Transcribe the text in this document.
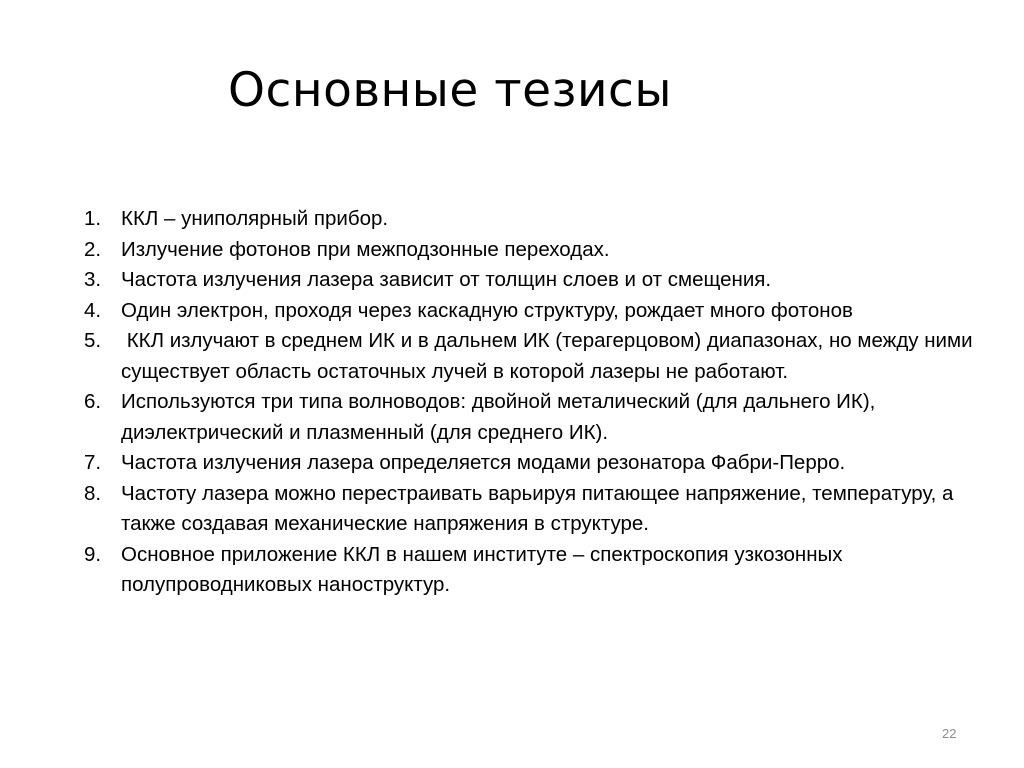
Основные тезисы
1. ККЛ – униполярный прибор.
2. Излучение фотонов при межподзонные переходах.
3. Частота излучения лазера зависит от толщин слоев и от смещения.
4. Один электрон, проходя через каскадную структуру, рождает много фотонов
5. ККЛ излучают в среднем ИК и в дальнем ИК (терагерцовом) диапазонах, но между ними существует область остаточных лучей в которой лазеры не работают.
6. Используются три типа волноводов: двойной металический (для дальнего ИК), диэлектрический и плазменный (для среднего ИК).
7. Частота излучения лазера определяется модами резонатора Фабри-Перро.
8. Частоту лазера можно перестраивать варьируя питающее напряжение, температуру, а также создавая механические напряжения в структуре.
9. Основное приложение ККЛ в нашем институте – спектроскопия узкозонных полупроводниковых наноструктур.
22
